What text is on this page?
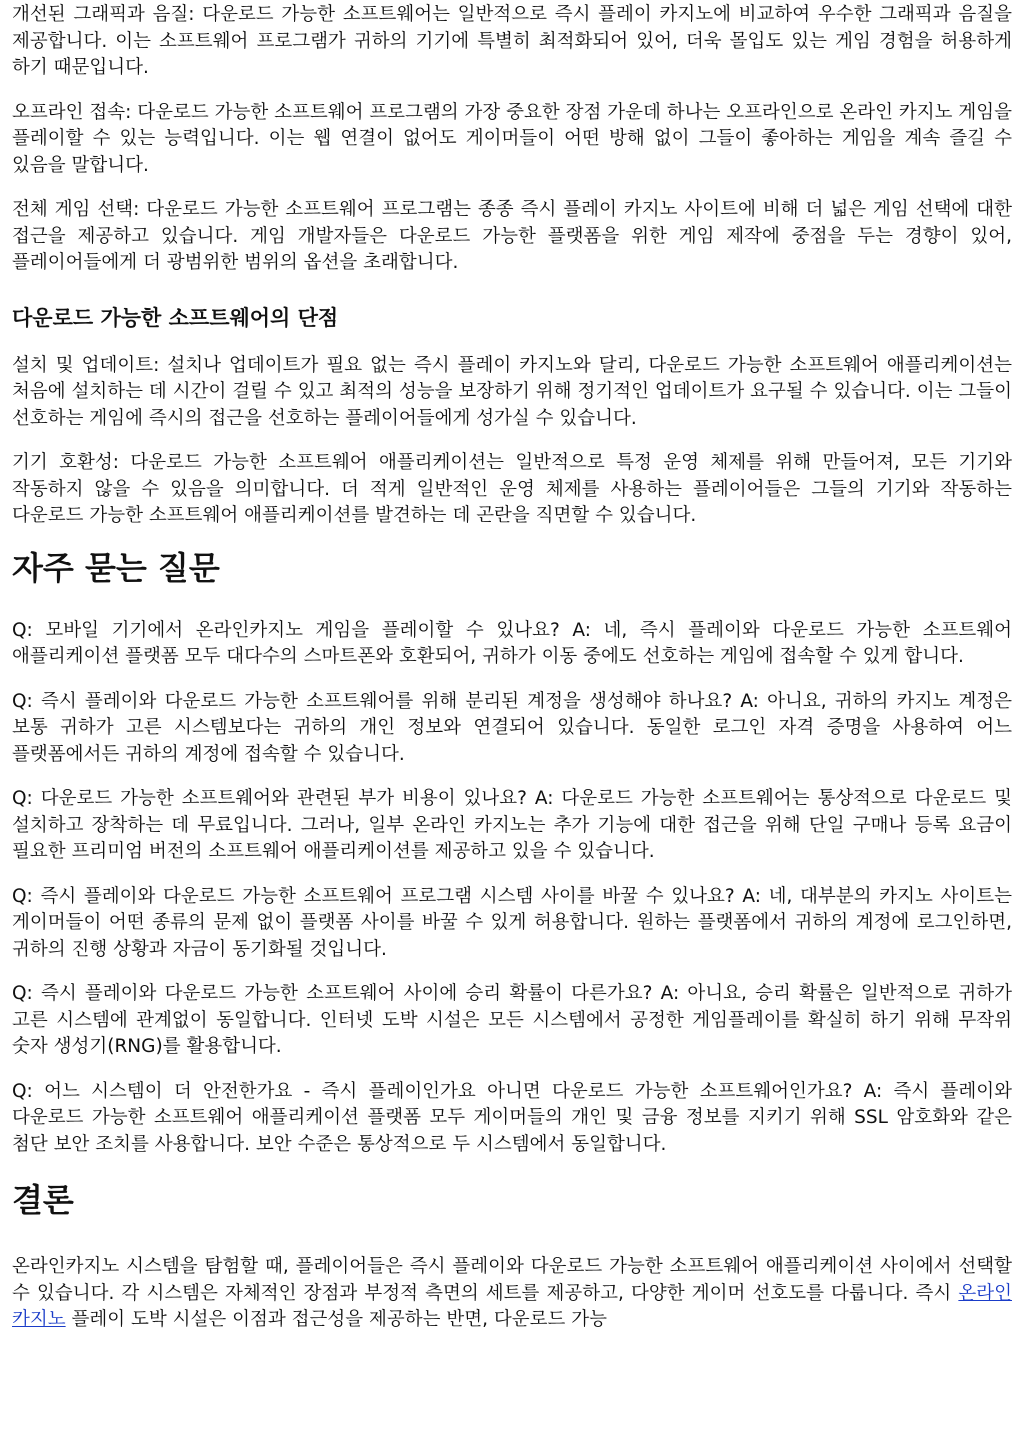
개선된 그래픽과 음질: 다운로드 가능한 소프트웨어는 일반적으로 즉시 플레이 카지노에 비교하여 우수한 그래픽과 음질을 제공합니다. 이는 소프트웨어 프로그램가 귀하의 기기에 특별히 최적화되어 있어, 더욱 몰입도 있는 게임 경험을 허용하게 하기 때문입니다.

오프라인 접속: 다운로드 가능한 소프트웨어 프로그램의 가장 중요한 장점 가운데 하나는 오프라인으로 온라인 카지노 게임을 플레이할 수 있는 능력입니다. 이는 웹 연결이 없어도 게이머들이 어떤 방해 없이 그들이 좋아하는 게임을 계속 즐길 수 있음을 말합니다.

전체 게임 선택: 다운로드 가능한 소프트웨어 프로그램는 종종 즉시 플레이 카지노 사이트에 비해 더 넓은 게임 선택에 대한 접근을 제공하고 있습니다. 게임 개발자들은 다운로드 가능한 플랫폼을 위한 게임 제작에 중점을 두는 경향이 있어, 플레이어들에게 더 광범위한 범위의 옵션을 초래합니다.

다운로드 가능한 소프트웨어의 단점

설치 및 업데이트: 설치나 업데이트가 필요 없는 즉시 플레이 카지노와 달리, 다운로드 가능한 소프트웨어 애플리케이션는 처음에 설치하는 데 시간이 걸릴 수 있고 최적의 성능을 보장하기 위해 정기적인 업데이트가 요구될 수 있습니다. 이는 그들이 선호하는 게임에 즉시의 접근을 선호하는 플레이어들에게 성가실 수 있습니다.

기기 호환성: 다운로드 가능한 소프트웨어 애플리케이션는 일반적으로 특정 운영 체제를 위해 만들어져, 모든 기기와 작동하지 않을 수 있음을 의미합니다. 더 적게 일반적인 운영 체제를 사용하는 플레이어들은 그들의 기기와 작동하는 다운로드 가능한 소프트웨어 애플리케이션를 발견하는 데 곤란을 직면할 수 있습니다.

자주 묻는 질문

Q: 모바일 기기에서 온라인카지노 게임을 플레이할 수 있나요? A: 네, 즉시 플레이와 다운로드 가능한 소프트웨어 애플리케이션 플랫폼 모두 대다수의 스마트폰와 호환되어, 귀하가 이동 중에도 선호하는 게임에 접속할 수 있게 합니다.

Q: 즉시 플레이와 다운로드 가능한 소프트웨어를 위해 분리된 계정을 생성해야 하나요? A: 아니요, 귀하의 카지노 계정은 보통 귀하가 고른 시스템보다는 귀하의 개인 정보와 연결되어 있습니다. 동일한 로그인 자격 증명을 사용하여 어느 플랫폼에서든 귀하의 계정에 접속할 수 있습니다.

Q: 다운로드 가능한 소프트웨어와 관련된 부가 비용이 있나요? A: 다운로드 가능한 소프트웨어는 통상적으로 다운로드 및 설치하고 장착하는 데 무료입니다. 그러나, 일부 온라인 카지노는 추가 기능에 대한 접근을 위해 단일 구매나 등록 요금이 필요한 프리미엄 버전의 소프트웨어 애플리케이션를 제공하고 있을 수 있습니다.

Q: 즉시 플레이와 다운로드 가능한 소프트웨어 프로그램 시스템 사이를 바꿀 수 있나요? A: 네, 대부분의 카지노 사이트는 게이머들이 어떤 종류의 문제 없이 플랫폼 사이를 바꿀 수 있게 허용합니다. 원하는 플랫폼에서 귀하의 계정에 로그인하면, 귀하의 진행 상황과 자금이 동기화될 것입니다.

Q: 즉시 플레이와 다운로드 가능한 소프트웨어 사이에 승리 확률이 다른가요? A: 아니요, 승리 확률은 일반적으로 귀하가 고른 시스템에 관계없이 동일합니다. 인터넷 도박 시설은 모든 시스템에서 공정한 게임플레이를 확실히 하기 위해 무작위 숫자 생성기(RNG)를 활용합니다.

Q: 어느 시스템이 더 안전한가요 - 즉시 플레이인가요 아니면 다운로드 가능한 소프트웨어인가요? A: 즉시 플레이와 다운로드 가능한 소프트웨어 애플리케이션 플랫폼 모두 게이머들의 개인 및 금융 정보를 지키기 위해 SSL 암호화와 같은 첨단 보안 조치를 사용합니다. 보안 수준은 통상적으로 두 시스템에서 동일합니다.

결론

온라인카지노 시스템을 탐험할 때, 플레이어들은 즉시 플레이와 다운로드 가능한 소프트웨어 애플리케이션 사이에서 선택할 수 있습니다. 각 시스템은 자체적인 장점과 부정적 측면의 세트를 제공하고, 다양한 게이머 선호도를 다룹니다. 즉시 온라인 카지노 플레이 도박 시설은 이점과 접근성을 제공하는 반면, 다운로드 가능
